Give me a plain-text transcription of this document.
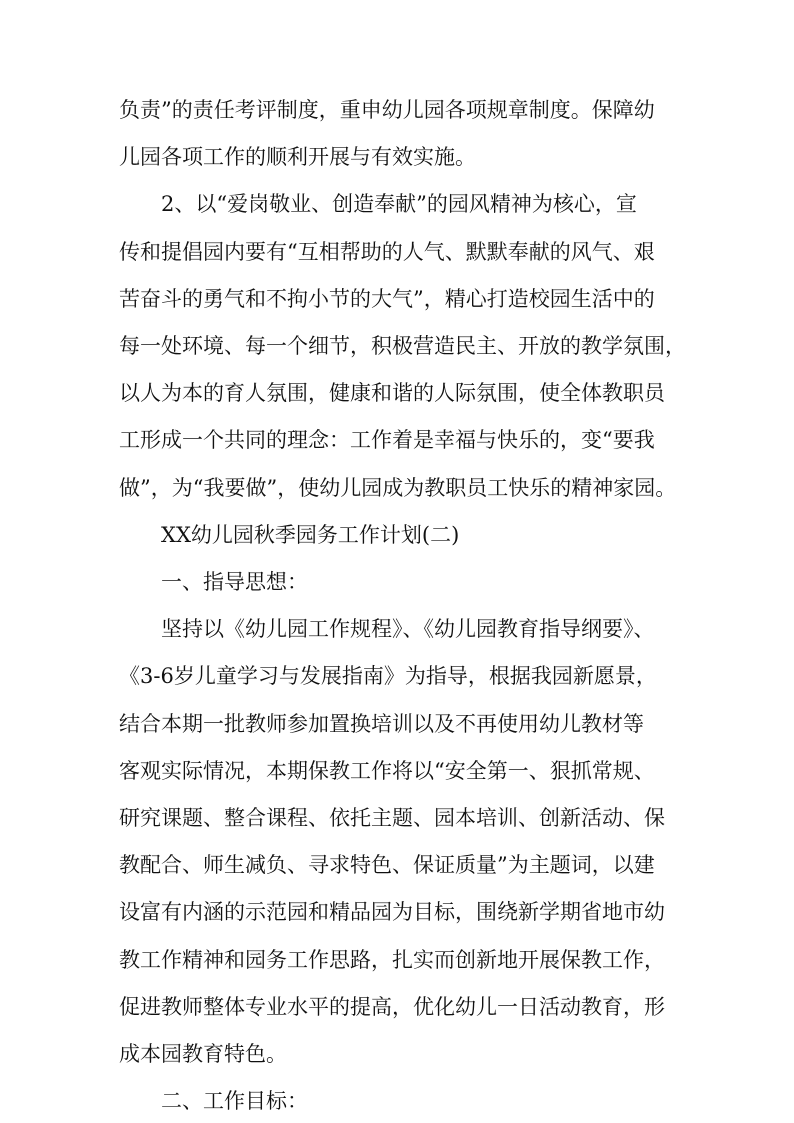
负责”的责任考评制度，重申幼儿园各项规章制度。保障幼
儿园各项工作的顺利开展与有效实施。
2、以“爱岗敬业、创造奉献”的园风精神为核心，宣
传和提倡园内要有“互相帮助的人气、默默奉献的风气、艰
苦奋斗的勇气和不拘小节的大气”，精心打造校园生活中的
每一处环境、每一个细节，积极营造民主、开放的教学氛围，
以人为本的育人氛围，健康和谐的人际氛围，使全体教职员
工形成一个共同的理念：工作着是幸福与快乐的，变“要我
做”，为“我要做”，使幼儿园成为教职员工快乐的精神家园。
XX幼儿园秋季园务工作计划(二)
一、指导思想：
坚持以《幼儿园工作规程》、《幼儿园教育指导纲要》、
《3-6岁儿童学习与发展指南》为指导，根据我园新愿景，
结合本期一批教师参加置换培训以及不再使用幼儿教材等
客观实际情况，本期保教工作将以“安全第一、狠抓常规、
研究课题、整合课程、依托主题、园本培训、创新活动、保
教配合、师生减负、寻求特色、保证质量”为主题词，以建
设富有内涵的示范园和精品园为目标，围绕新学期省地市幼
教工作精神和园务工作思路，扎实而创新地开展保教工作，
促进教师整体专业水平的提高，优化幼儿一日活动教育，形
成本园教育特色。
二、工作目标：
